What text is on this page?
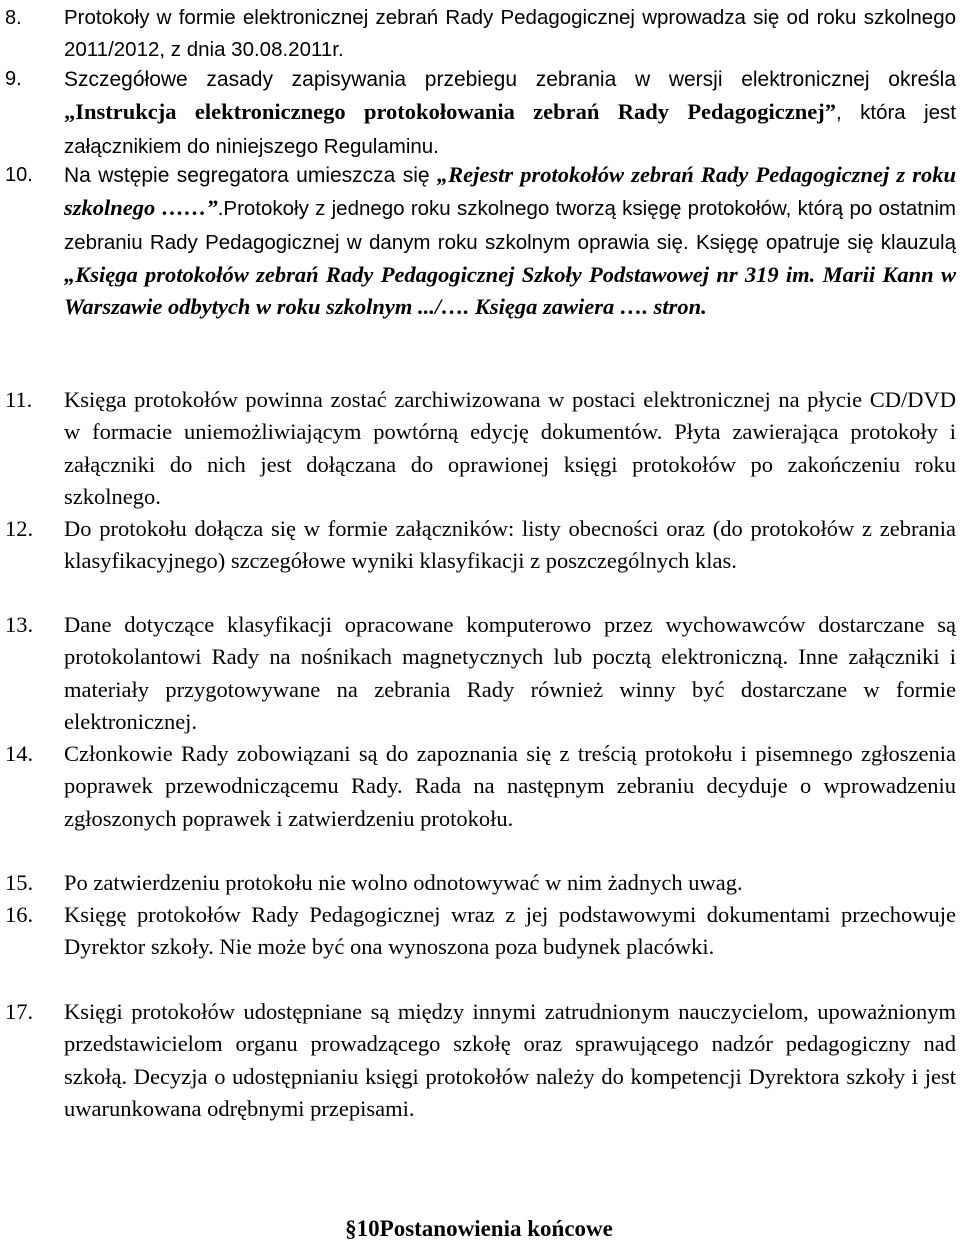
8. Protokoły w formie elektronicznej zebrań Rady Pedagogicznej wprowadza się od roku szkolnego 2011/2012, z dnia 30.08.2011r.
9. Szczegółowe zasady zapisywania przebiegu zebrania w wersji elektronicznej określa „Instrukcja elektronicznego protokołowania zebrań Rady Pedagogicznej”, która jest załącznikiem do niniejszego Regulaminu.
10. Na wstępie segregatora umieszcza się „Rejestr protokołów zebrań Rady Pedagogicznej z roku szkolnego ……”.Protokoły z jednego roku szkolnego tworzą księgę protokołów, którą po ostatnim zebraniu Rady Pedagogicznej w danym roku szkolnym oprawia się. Księgę opatruje się klauzulą „Księga protokołów zebrań Rady Pedagogicznej Szkoły Podstawowej nr 319 im. Marii Kann w Warszawie odbytych w roku szkolnym .../…. Księga zawiera …. stron.
11. Księga protokołów powinna zostać zarchiwizowana w postaci elektronicznej na płycie CD/DVD w formacie uniemożliwiającym powtórną edycję dokumentów. Płyta zawierająca protokoły i załączniki do nich jest dołączana do oprawionej księgi protokołów po zakończeniu roku szkolnego.
12. Do protokołu dołącza się w formie załączników: listy obecności oraz (do protokołów z zebrania klasyfikacyjnego) szczegółowe wyniki klasyfikacji z poszczególnych klas.
13. Dane dotyczące klasyfikacji opracowane komputerowo przez wychowawców dostarczane są protokolantowi Rady na nośnikach magnetycznych lub pocztą elektroniczną. Inne załączniki i materiały przygotowywane na zebrania Rady również winny być dostarczane w formie elektronicznej.
14. Członkowie Rady zobowiązani są do zapoznania się z treścią protokołu i pisemnego zgłoszenia poprawek przewodniczącemu Rady. Rada na następnym zebraniu decyduje o wprowadzeniu zgłoszonych poprawek i zatwierdzeniu protokołu.
15. Po zatwierdzeniu protokołu nie wolno odnotowywać w nim żadnych uwag.
16. Księgę protokołów Rady Pedagogicznej wraz z jej podstawowymi dokumentami przechowuje Dyrektor szkoły. Nie może być ona wynoszona poza budynek placówki.
17. Księgi protokołów udostępniane są między innymi zatrudnionym nauczycielom, upoważnionym przedstawicielom organu prowadzącego szkołę oraz sprawującego nadzór pedagogiczny nad szkołą. Decyzja o udostępnianiu księgi protokołów należy do kompetencji Dyrektora szkoły i jest uwarunkowana odrębnymi przepisami.
§10Postanowienia końcowe
